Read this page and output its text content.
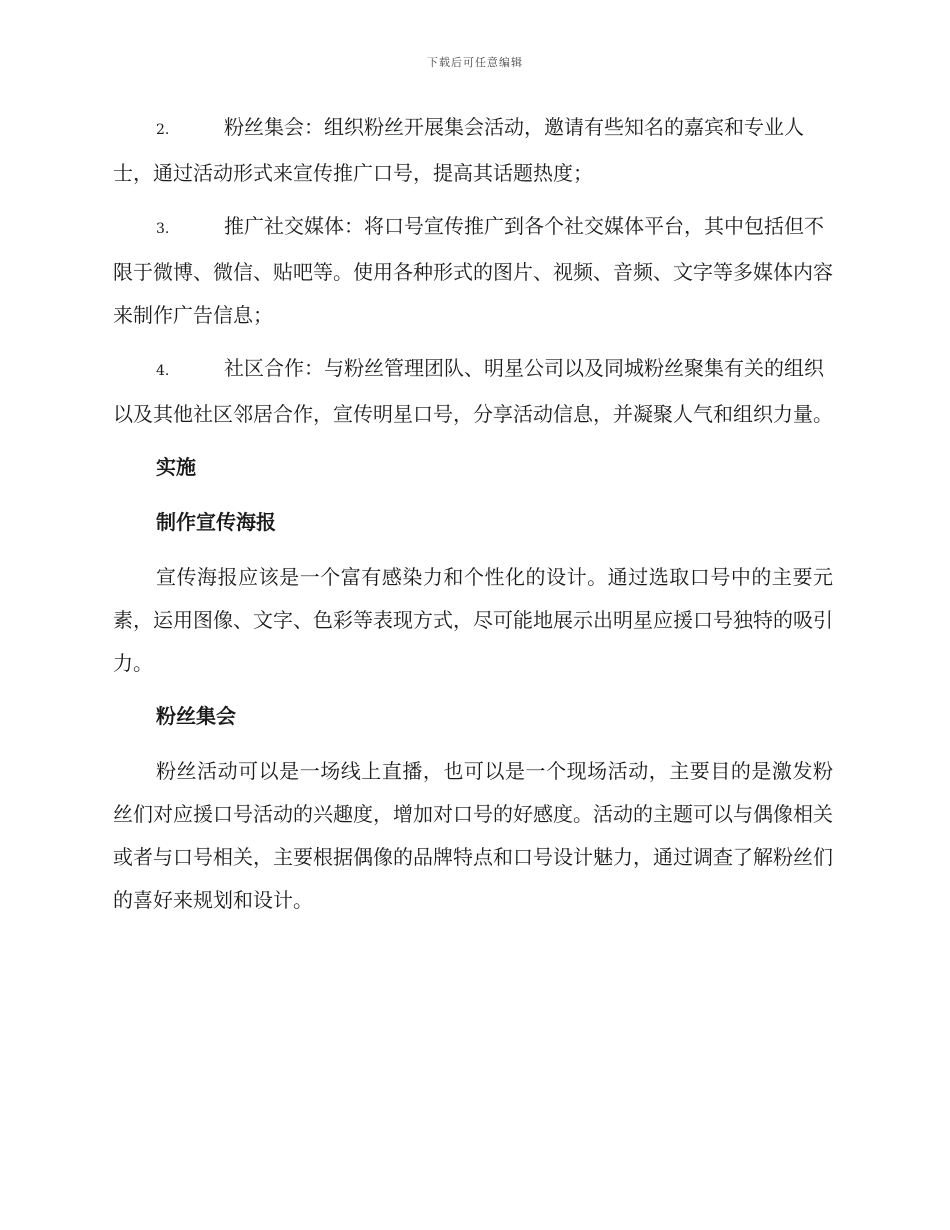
下载后可任意编辑
2.	粉丝集会：组织粉丝开展集会活动，邀请有些知名的嘉宾和专业人士，通过活动形式来宣传推广口号，提高其话题热度；
3.	推广社交媒体：将口号宣传推广到各个社交媒体平台，其中包括但不限于微博、微信、贴吧等。使用各种形式的图片、视频、音频、文字等多媒体内容来制作广告信息；
4.	社区合作：与粉丝管理团队、明星公司以及同城粉丝聚集有关的组织以及其他社区邻居合作，宣传明星口号，分享活动信息，并凝聚人气和组织力量。
实施
制作宣传海报
宣传海报应该是一个富有感染力和个性化的设计。通过选取口号中的主要元素，运用图像、文字、色彩等表现方式，尽可能地展示出明星应援口号独特的吸引力。
粉丝集会
粉丝活动可以是一场线上直播，也可以是一个现场活动，主要目的是激发粉丝们对应援口号活动的兴趣度，增加对口号的好感度。活动的主题可以与偶像相关或者与口号相关，主要根据偶像的品牌特点和口号设计魅力，通过调查了解粉丝们的喜好来规划和设计。
